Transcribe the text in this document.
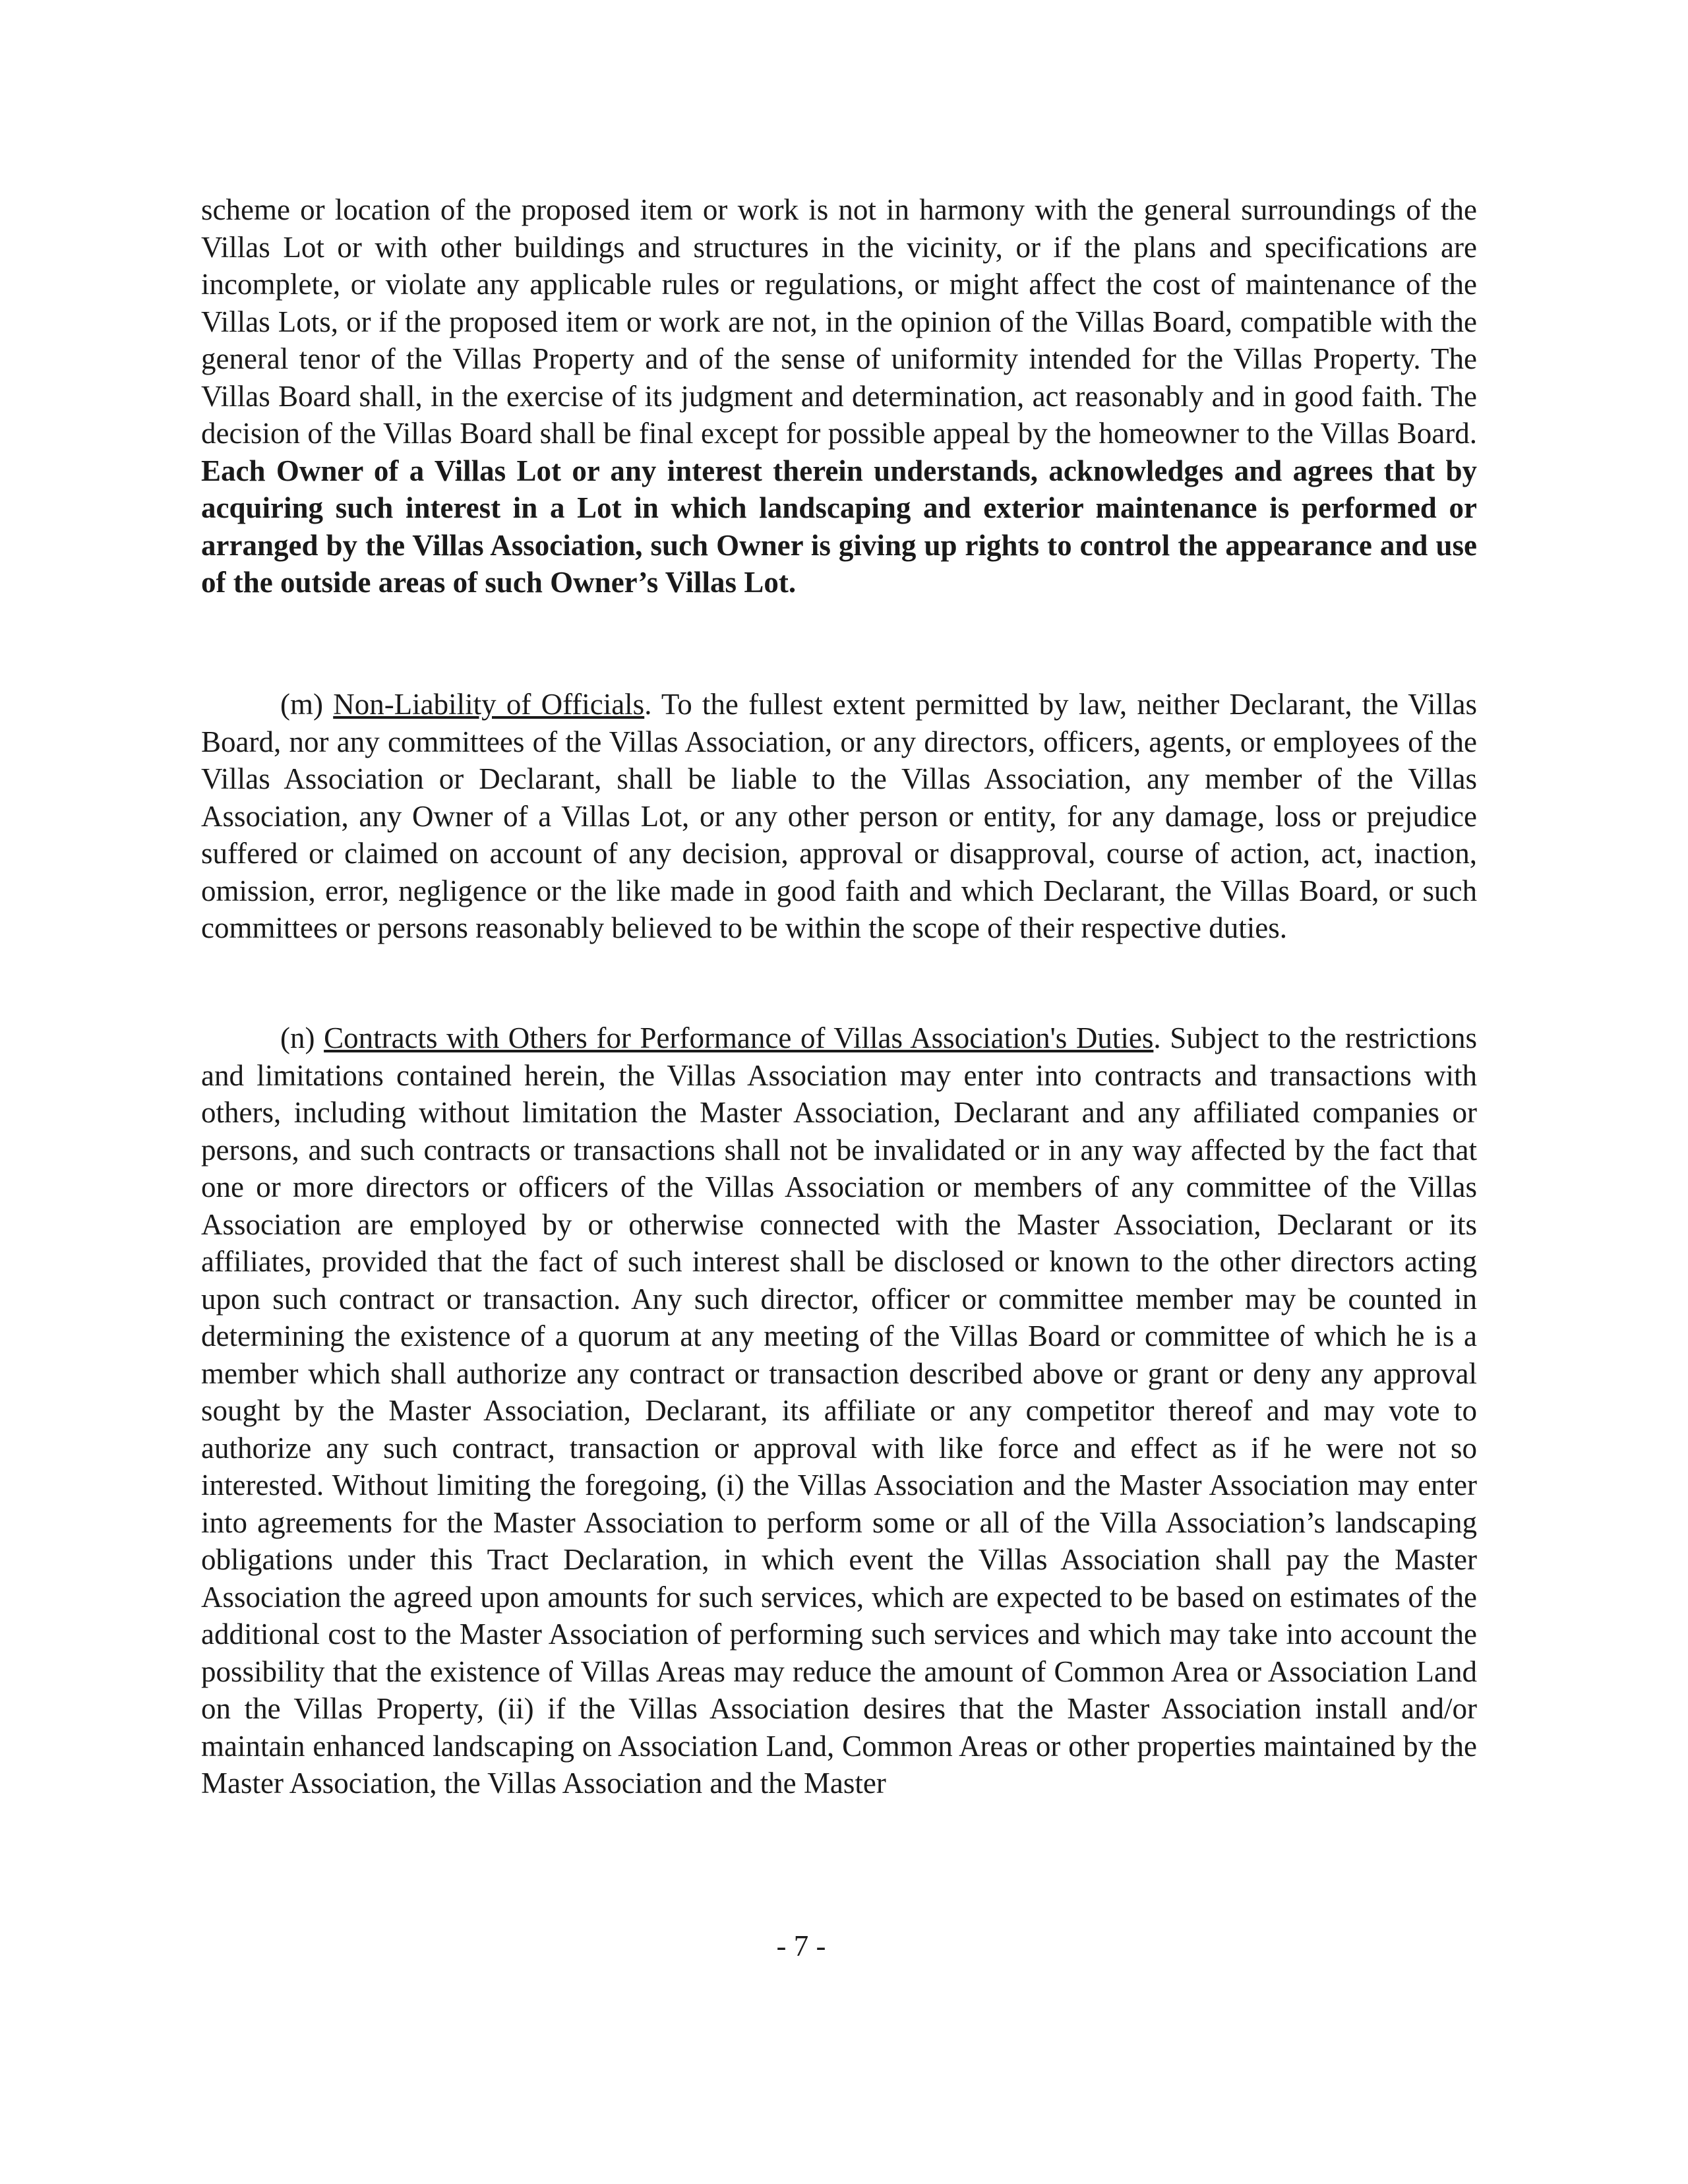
scheme or location of the proposed item or work is not in harmony with the general surroundings of the Villas Lot or with other buildings and structures in the vicinity, or if the plans and specifications are incomplete, or violate any applicable rules or regulations, or might affect the cost of maintenance of the Villas Lots, or if the proposed item or work are not, in the opinion of the Villas Board, compatible with the general tenor of the Villas Property and of the sense of uniformity intended for the Villas Property. The Villas Board shall, in the exercise of its judgment and determination, act reasonably and in good faith. The decision of the Villas Board shall be final except for possible appeal by the homeowner to the Villas Board. Each Owner of a Villas Lot or any interest therein understands, acknowledges and agrees that by acquiring such interest in a Lot in which landscaping and exterior maintenance is performed or arranged by the Villas Association, such Owner is giving up rights to control the appearance and use of the outside areas of such Owner’s Villas Lot.

(m) Non-Liability of Officials. To the fullest extent permitted by law, neither Declarant, the Villas Board, nor any committees of the Villas Association, or any directors, officers, agents, or employees of the Villas Association or Declarant, shall be liable to the Villas Association, any member of the Villas Association, any Owner of a Villas Lot, or any other person or entity, for any damage, loss or prejudice suffered or claimed on account of any decision, approval or disapproval, course of action, act, inaction, omission, error, negligence or the like made in good faith and which Declarant, the Villas Board, or such committees or persons reasonably believed to be within the scope of their respective duties.

(n) Contracts with Others for Performance of Villas Association's Duties. Subject to the restrictions and limitations contained herein, the Villas Association may enter into contracts and transactions with others, including without limitation the Master Association, Declarant and any affiliated companies or persons, and such contracts or transactions shall not be invalidated or in any way affected by the fact that one or more directors or officers of the Villas Association or members of any committee of the Villas Association are employed by or otherwise connected with the Master Association, Declarant or its affiliates, provided that the fact of such interest shall be disclosed or known to the other directors acting upon such contract or transaction. Any such director, officer or committee member may be counted in determining the existence of a quorum at any meeting of the Villas Board or committee of which he is a member which shall authorize any contract or transaction described above or grant or deny any approval sought by the Master Association, Declarant, its affiliate or any competitor thereof and may vote to authorize any such contract, transaction or approval with like force and effect as if he were not so interested. Without limiting the foregoing, (i) the Villas Association and the Master Association may enter into agreements for the Master Association to perform some or all of the Villa Association’s landscaping obligations under this Tract Declaration, in which event the Villas Association shall pay the Master Association the agreed upon amounts for such services, which are expected to be based on estimates of the additional cost to the Master Association of performing such services and which may take into account the possibility that the existence of Villas Areas may reduce the amount of Common Area or Association Land on the Villas Property, (ii) if the Villas Association desires that the Master Association install and/or maintain enhanced landscaping on Association Land, Common Areas or other properties maintained by the Master Association, the Villas Association and the Master

- 7 -
